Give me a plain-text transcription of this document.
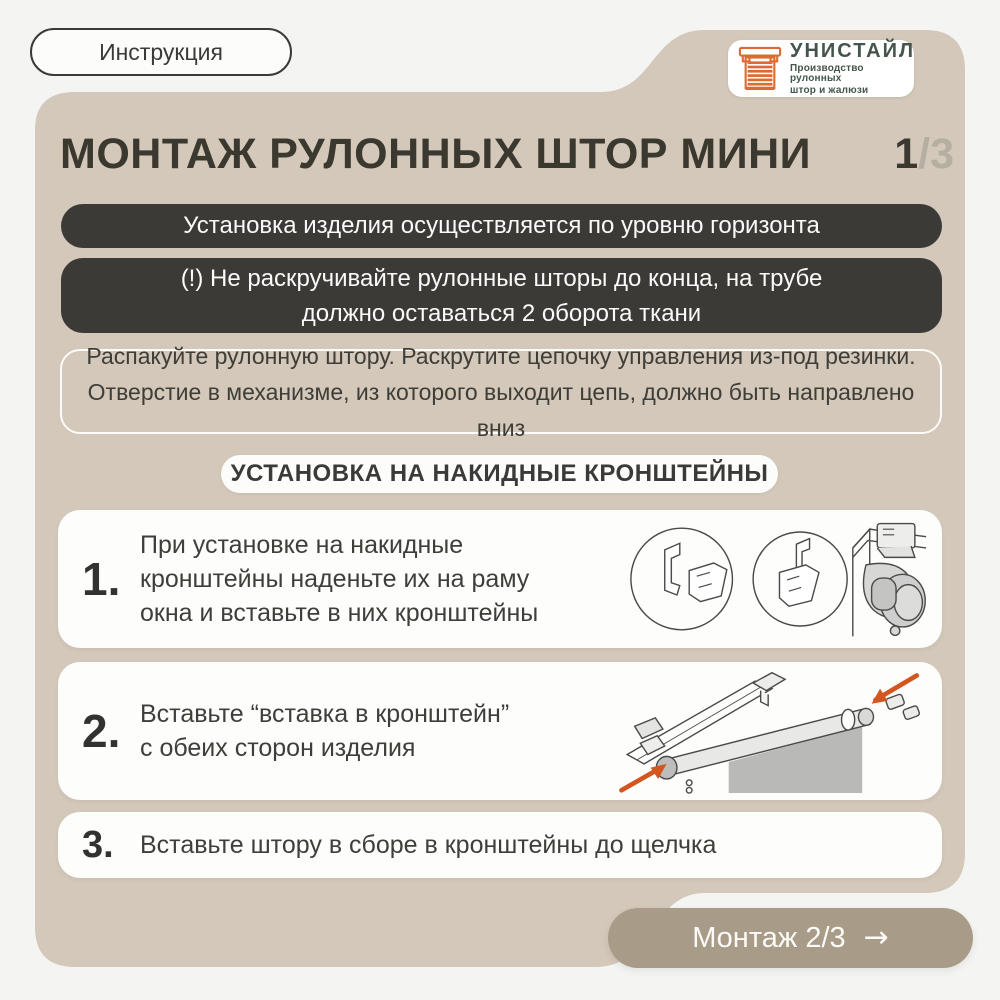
Инструкция	УНИСТАЙЛ
Производство рулонных
штор и жалюзи
МОНТАЖ РУЛОННЫХ ШТОР МИНИ 1/3
Установка изделия осуществляется по уровню горизонта
(!) Не раскручивайте рулонные шторы до конца, на трубе
должно оставаться 2 оборота ткани
Распакуйте рулонную штору. Раскрутите цепочку управления из-под резинки.
Отверстие в механизме, из которого выходит цепь, должно быть направлено вниз
УСТАНОВКА НА НАКИДНЫЕ КРОНШТЕЙНЫ
1.
При установке на накидные
кронштейны наденьте их на раму
окна и вставьте в них кронштейны
2. Вставьте “вставка в кронштейн”
с обеих сторон изделия
3.	Вставьте штору в сборе в кронштейны до щелчка
Монтаж 2/3 →
